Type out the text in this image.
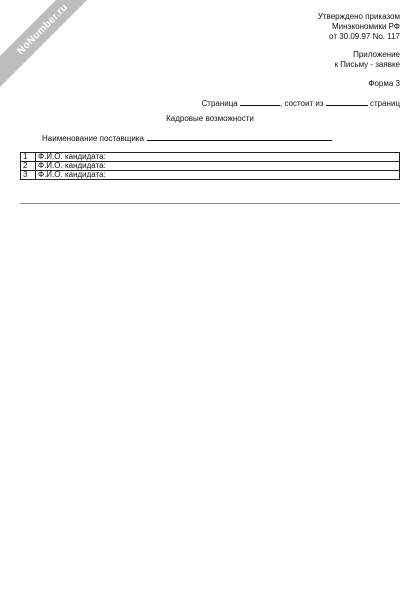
NoNumber.ru	Утверждено приказом
Минэкономики РФ
от 30.09.97 No. 117
Приложение
к Письму - заявке
Форма 3
Страница	, состоит из	страниц
Кадровые возможности
Наименование поставщика
1	Ф.И.О. кандидата:
2	Ф.И.О. кандидата:
3	Ф.И.О. кандидата:
